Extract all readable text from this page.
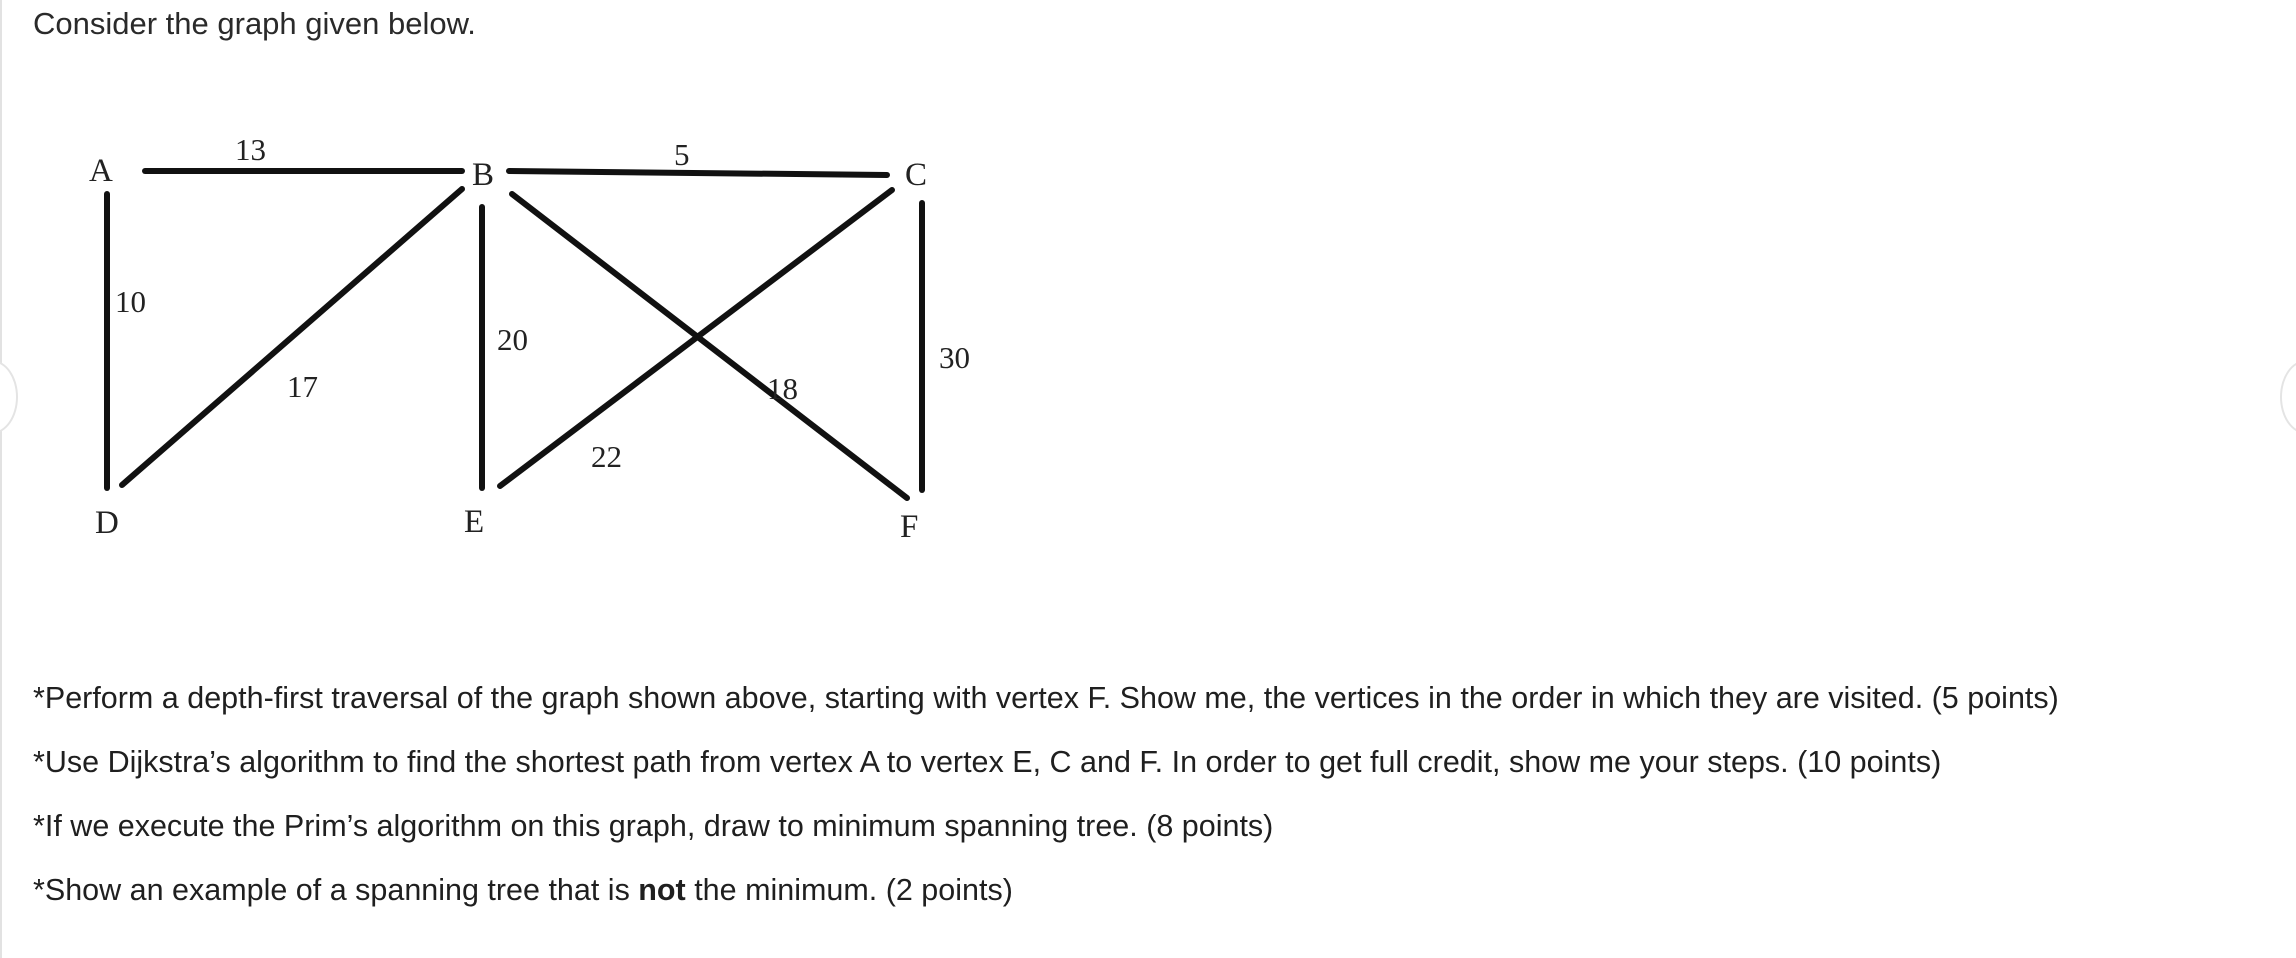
Consider the graph given below.
A	B	C
D	E	F
13	5
10
17
20
18
22
30
*Perform a depth-first traversal of the graph shown above, starting with vertex F. Show me, the vertices in the order in which they are visited. (5 points)
*Use Dijkstra’s algorithm to find the shortest path from vertex A to vertex E, C and F. In order to get full credit, show me your steps. (10 points)
*If we execute the Prim’s algorithm on this graph, draw to minimum spanning tree. (8 points)
*Show an example of a spanning tree that is not the minimum. (2 points)
